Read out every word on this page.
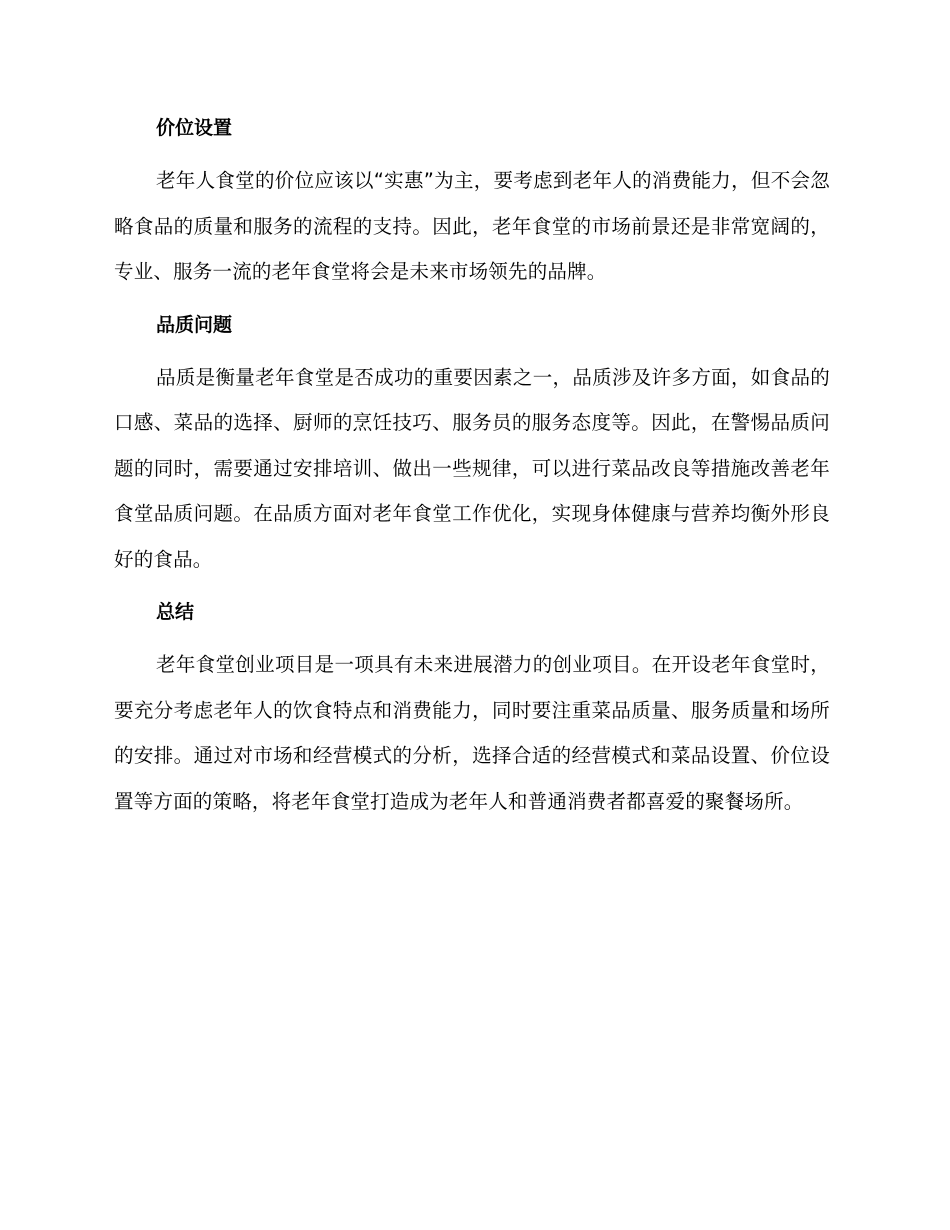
价位设置

老年人食堂的价位应该以“实惠”为主，要考虑到老年人的消费能力，但不会忽略食品的质量和服务的流程的支持。因此，老年食堂的市场前景还是非常宽阔的，专业、服务一流的老年食堂将会是未来市场领先的品牌。

品质问题

品质是衡量老年食堂是否成功的重要因素之一，品质涉及许多方面，如食品的口感、菜品的选择、厨师的烹饪技巧、服务员的服务态度等。因此，在警惕品质问题的同时，需要通过安排培训、做出一些规律，可以进行菜品改良等措施改善老年食堂品质问题。在品质方面对老年食堂工作优化，实现身体健康与营养均衡外形良好的食品。

总结

老年食堂创业项目是一项具有未来进展潜力的创业项目。在开设老年食堂时，要充分考虑老年人的饮食特点和消费能力，同时要注重菜品质量、服务质量和场所的安排。通过对市场和经营模式的分析，选择合适的经营模式和菜品设置、价位设置等方面的策略，将老年食堂打造成为老年人和普通消费者都喜爱的聚餐场所。
